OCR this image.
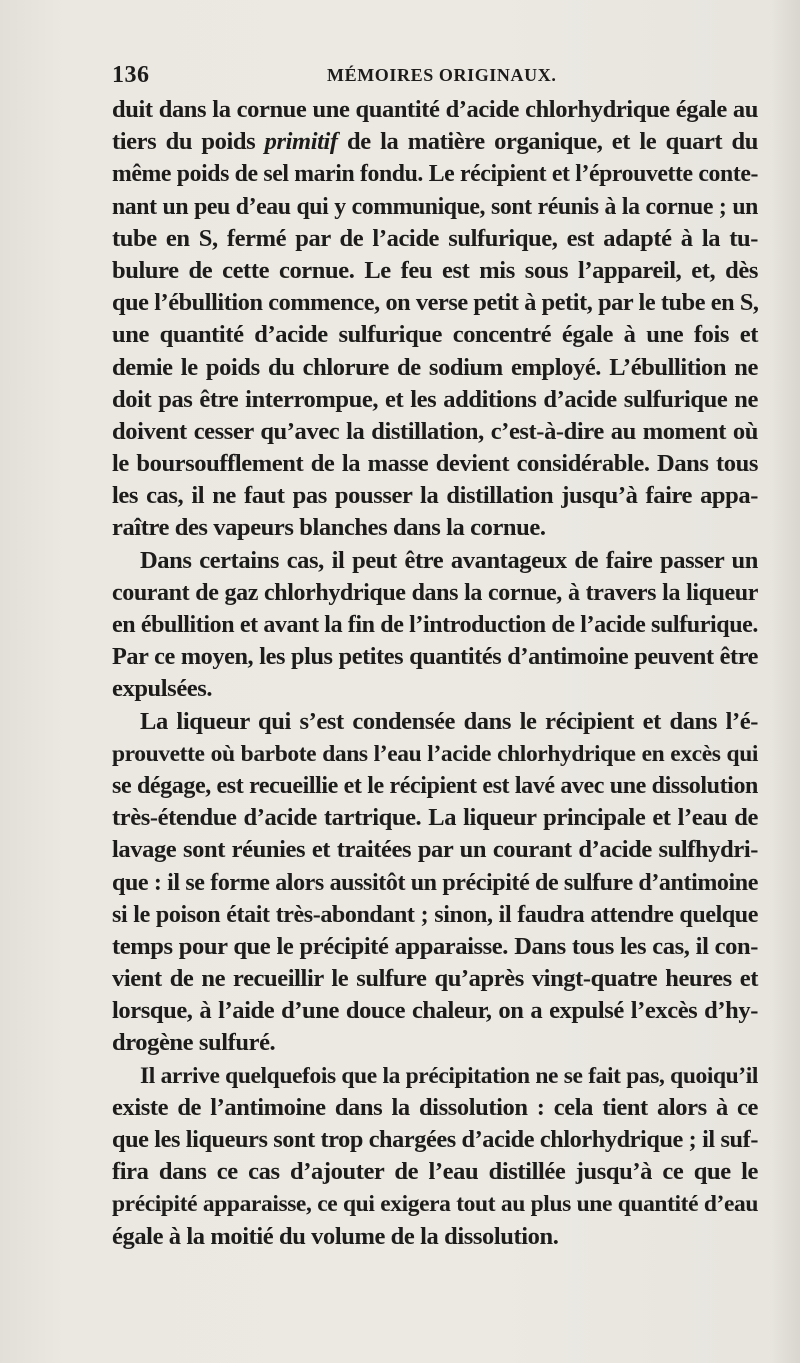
136	MÉMOIRES ORIGINAUX.
duit dans la cornue une quantité d’acide chlorhydrique égale au
tiers du poids primitif de la matière organique, et le quart du
même poids de sel marin fondu. Le récipient et l’éprouvette conte-
nant un peu d’eau qui y communique, sont réunis à la cornue ; un
tube en S, fermé par de l’acide sulfurique, est adapté à la tu-
bulure de cette cornue. Le feu est mis sous l’appareil, et, dès
que l’ébullition commence, on verse petit à petit, par le tube en S,
une quantité d’acide sulfurique concentré égale à une fois et
demie le poids du chlorure de sodium employé. L’ébullition ne
doit pas être interrompue, et les additions d’acide sulfurique ne
doivent cesser qu’avec la distillation, c’est-à-dire au moment où
le boursoufflement de la masse devient considérable. Dans tous
les cas, il ne faut pas pousser la distillation jusqu’à faire appa-
raître des vapeurs blanches dans la cornue.
Dans certains cas, il peut être avantageux de faire passer un
courant de gaz chlorhydrique dans la cornue, à travers la liqueur
en ébullition et avant la fin de l’introduction de l’acide sulfurique.
Par ce moyen, les plus petites quantités d’antimoine peuvent être
expulsées.
La liqueur qui s’est condensée dans le récipient et dans l’é-
prouvette où barbote dans l’eau l’acide chlorhydrique en excès qui
se dégage, est recueillie et le récipient est lavé avec une dissolution
très-étendue d’acide tartrique. La liqueur principale et l’eau de
lavage sont réunies et traitées par un courant d’acide sulfhydri-
que : il se forme alors aussitôt un précipité de sulfure d’antimoine
si le poison était très-abondant ; sinon, il faudra attendre quelque
temps pour que le précipité apparaisse. Dans tous les cas, il con-
vient de ne recueillir le sulfure qu’après vingt-quatre heures et
lorsque, à l’aide d’une douce chaleur, on a expulsé l’excès d’hy-
drogène sulfuré.
Il arrive quelquefois que la précipitation ne se fait pas, quoiqu’il
existe de l’antimoine dans la dissolution : cela tient alors à ce
que les liqueurs sont trop chargées d’acide chlorhydrique ; il suf-
fira dans ce cas d’ajouter de l’eau distillée jusqu’à ce que le
précipité apparaisse, ce qui exigera tout au plus une quantité d’eau
égale à la moitié du volume de la dissolution.
